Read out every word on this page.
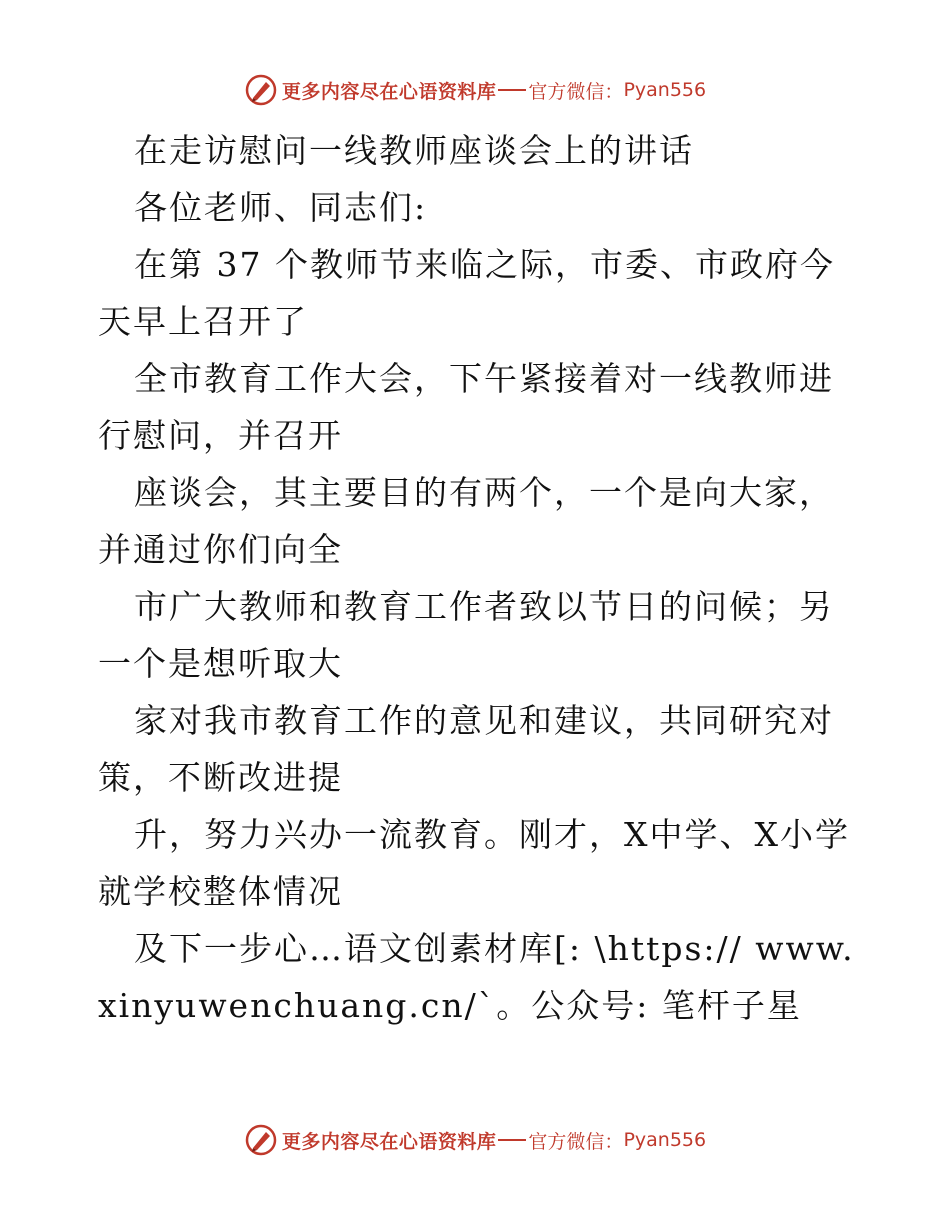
更多内容尽在心语资料库 官方微信： Pyan556

在走访慰问一线教师座谈会上的讲话

各位老师、同志们:

在第 37 个教师节来临之际，市委、市政府今天早上召开了

全市教育工作大会，下午紧接着对一线教师进行慰问，并召开

座谈会，其主要目的有两个，一个是向大家，并通过你们向全

市广大教师和教育工作者致以节日的问候；另一个是想听取大

家对我市教育工作的意见和建议，共同研究对策，不断改进提

升，努力兴办一流教育。刚才，X中学、X小学就学校整体情况

及下一步心…语文创素材库[: \https:// www.xinyuwenchuang.cn/`。公众号: 笔杆子星

更多内容尽在心语资料库 官方微信： Pyan556
